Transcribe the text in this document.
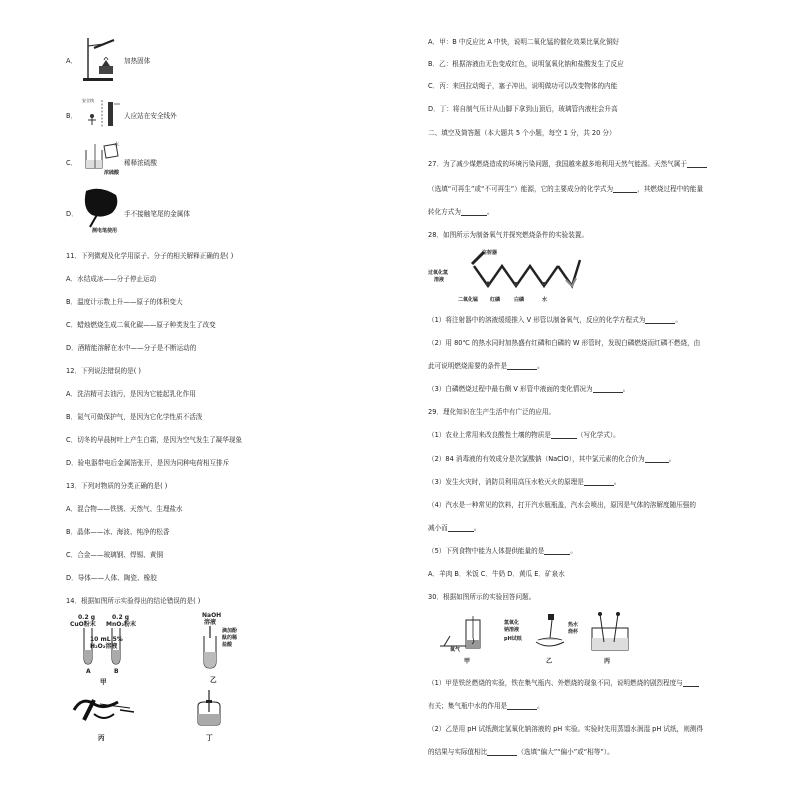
A．	加热固体
B．
安全线
人应站在安全线外
C．
水
浓硫酸
稀释浓硫酸
D．
测电笔使用
手不接触笔尾的金属体
11．下列微观及化学用原子、分子的相关解释正确的是( )
A．水结成冰——分子停止运动
B．温度计示数上升——原子的体积变大
C．蜡烛燃烧生成二氧化碳——原子种类发生了改变
D．酒精能溶解在水中——分子是不断运动的
12．下列说法错误的是( )
A．洗洁精可去油污，是因为它能起乳化作用
B．氮气可做保护气，是因为它化学性质不活泼
C．切冬的早晨树叶上产生白霜，是因为空气发生了凝华现象
D．验电器带电后金属箔张开，是因为同种电荷相互排斥
13．下列对物质的分类正确的是( )
A．混合物——铁锈、天然气、生理盐水
B．晶体——冰、海波、纯净的松香
C．合金——玻璃钢、焊锡、黄铜
D．导体——人体、陶瓷、橡胶
14．根据如图所示实验得出的结论错误的是( )
0.2 g
CuO粉末
0.2 g
MnO₂粉末
10 mL 5%
H₂O₂溶液
A	B
甲
NaOH
溶液
滴加酚
酞的稀
盐酸
乙
丙	丁
A．甲：B 中反应比 A 中快，说明二氧化锰的催化效果比氧化铜好
B．乙：根据溶液由无色变成红色，说明氢氧化钠和盐酸发生了反应
C．丙：来回拉动绳子，塞子冲出，说明做功可以改变物体的内能
D．丁：将自制气压计从山脚下拿到山顶后，玻璃管内液柱会升高
二、填空及简答题（本大题共 5 个小题，每空 1 分，共 20 分）
27．为了减少煤燃烧造成的环境污染问题，我国越来越多地利用天然气能源。天然气属于
（选填“可再生”或“不可再生”）能源，它的主要成分的化学式为	，其燃烧过程中的能量
转化方式为	。
28．如图所示为制备氧气并探究燃烧条件的实验装置。
注射器
过氧化氢
溶液
二氧化锰 红磷	白磷	水
（1）将注射器中的溶液缓缓推入 V 形管以制备氧气，反应的化学方程式为	。
（2）用 80℃ 的热水同时加热盛有红磷和白磷的 W 形管时，发现白磷燃烧而红磷不燃烧，由
此可说明燃烧需要的条件是	。
（3）白磷燃烧过程中最右侧 V 形管中液面的变化情况为	。
29．理化知识在生产生活中有广泛的应用。
（1）农业上常用来改良酸性土壤的物质是	（写化学式）。
（2）84 消毒液的有效成分是次氯酸钠（NaClO），其中氯元素的化合价为	。
（3）发生火灾时，消防员利用高压水枪灭火的原理是	。
（4）汽水是一种常见的饮料，打开汽水瓶瓶盖，汽水会喷出，原因是气体的溶解度随压强的
减小而	。
（5）下列食物中能为人体提供能量的是	。
A．羊肉 B．米饭 C．牛奶 D．黄瓜 E．矿泉水
30．根据如图所示的实验回答问题。
氧气
甲
氢氧化
钠溶液
pH试纸
乙
热水
烧杯
丙
（1）甲是铁丝燃烧的实验，铁在集气瓶内、外燃烧的现象不同，说明燃烧的剧烈程度与
有关；集气瓶中水的作用是	。
（2）乙是用 pH 试纸测定氢氧化钠溶液的 pH 实验。实验时先用蒸馏水润湿 pH 试纸，则测得
的结果与实际值相比	（选填“偏大”“偏小”或“相等”）。
